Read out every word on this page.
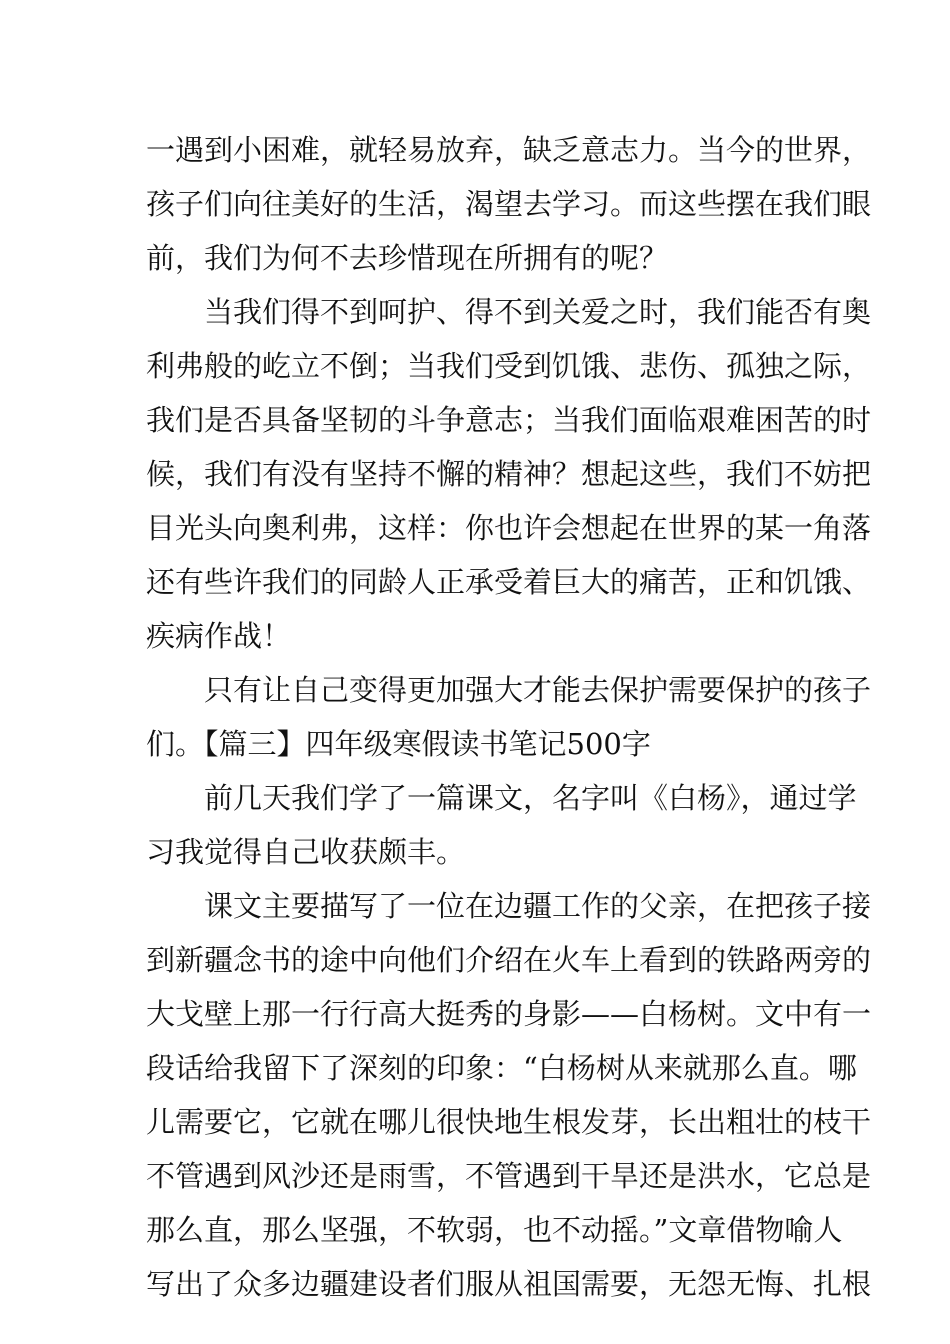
一遇到小困难，就轻易放弃，缺乏意志力。当今的世界，
孩子们向往美好的生活，渴望去学习。而这些摆在我们眼
前，我们为何不去珍惜现在所拥有的呢？
当我们得不到呵护、得不到关爱之时，我们能否有奥
利弗般的屹立不倒；当我们受到饥饿、悲伤、孤独之际，
我们是否具备坚韧的斗争意志；当我们面临艰难困苦的时
候，我们有没有坚持不懈的精神？想起这些，我们不妨把
目光头向奥利弗，这样：你也许会想起在世界的某一角落
还有些许我们的同龄人正承受着巨大的痛苦，正和饥饿、
疾病作战！
只有让自己变得更加强大才能去保护需要保护的孩子
们。【篇三】四年级寒假读书笔记500字
前几天我们学了一篇课文，名字叫《白杨》，通过学
习我觉得自己收获颇丰。
课文主要描写了一位在边疆工作的父亲，在把孩子接
到新疆念书的途中向他们介绍在火车上看到的铁路两旁的
大戈壁上那一行行高大挺秀的身影——白杨树。文中有一
段话给我留下了深刻的印象：“白杨树从来就那么直。哪
儿需要它，它就在哪儿很快地生根发芽，长出粗壮的枝干
不管遇到风沙还是雨雪，不管遇到干旱还是洪水，它总是
那么直，那么坚强，不软弱，也不动摇。”文章借物喻人
写出了众多边疆建设者们服从祖国需要，无怨无悔、扎根
